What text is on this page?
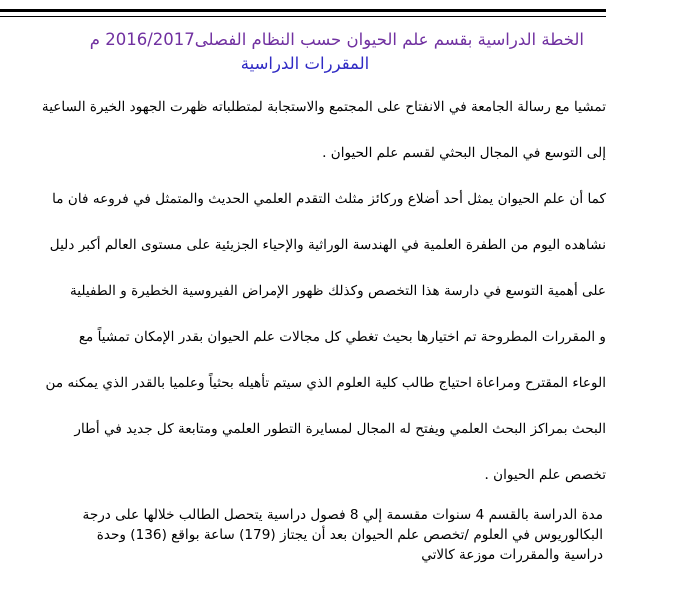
الخطة الدراسية بقسم علم الحيوان حسب النظام الفصلى2016/2017 م
المقررات الدراسية
تمشيا مع رسالة الجامعة في الانفتاح على المجتمع والاستجابة لمتطلباته ظهرت الجهود الخيرة الساعية
إلى التوسع في المجال البحثي لقسم علم الحيوان .
كما أن علم الحيوان يمثل أحد أضلاع وركائز مثلث التقدم العلمي الحديث والمتمثل في فروعه فان ما
نشاهده اليوم من الطفرة العلمية في الهندسة الوراثية والإحياء الجزيئية على مستوى العالم أكبر دليل
على أهمية التوسع في دارسة هذا التخصص وكذلك ظهور الإمراض الفيروسية الخطيرة و الطفيلية
و المقررات المطروحة تم اختيارها بحيث تغطي كل مجالات علم الحيوان بقدر الإمكان تمشياً مع
الوعاء المقترح ومراعاة احتياج طالب كلية العلوم الذي سيتم تأهيله بحثياً وعلميا بالقدر الذي يمكنه من
البحث بمراكز البحث العلمي ويفتح له المجال لمسايرة التطور العلمي ومتابعة كل جديد في أطار
تخصص علم الحيوان .
مدة الدراسة بالقسم 4 سنوات مقسمة إلي 8 فصول دراسية يتحصل الطالب خلالها على درجة
البكالوريوس في العلوم /تخصص علم الحيوان بعد أن يجتاز (179) ساعة بواقع (136) وحدة
دراسية والمقررات موزعة كالاتي
